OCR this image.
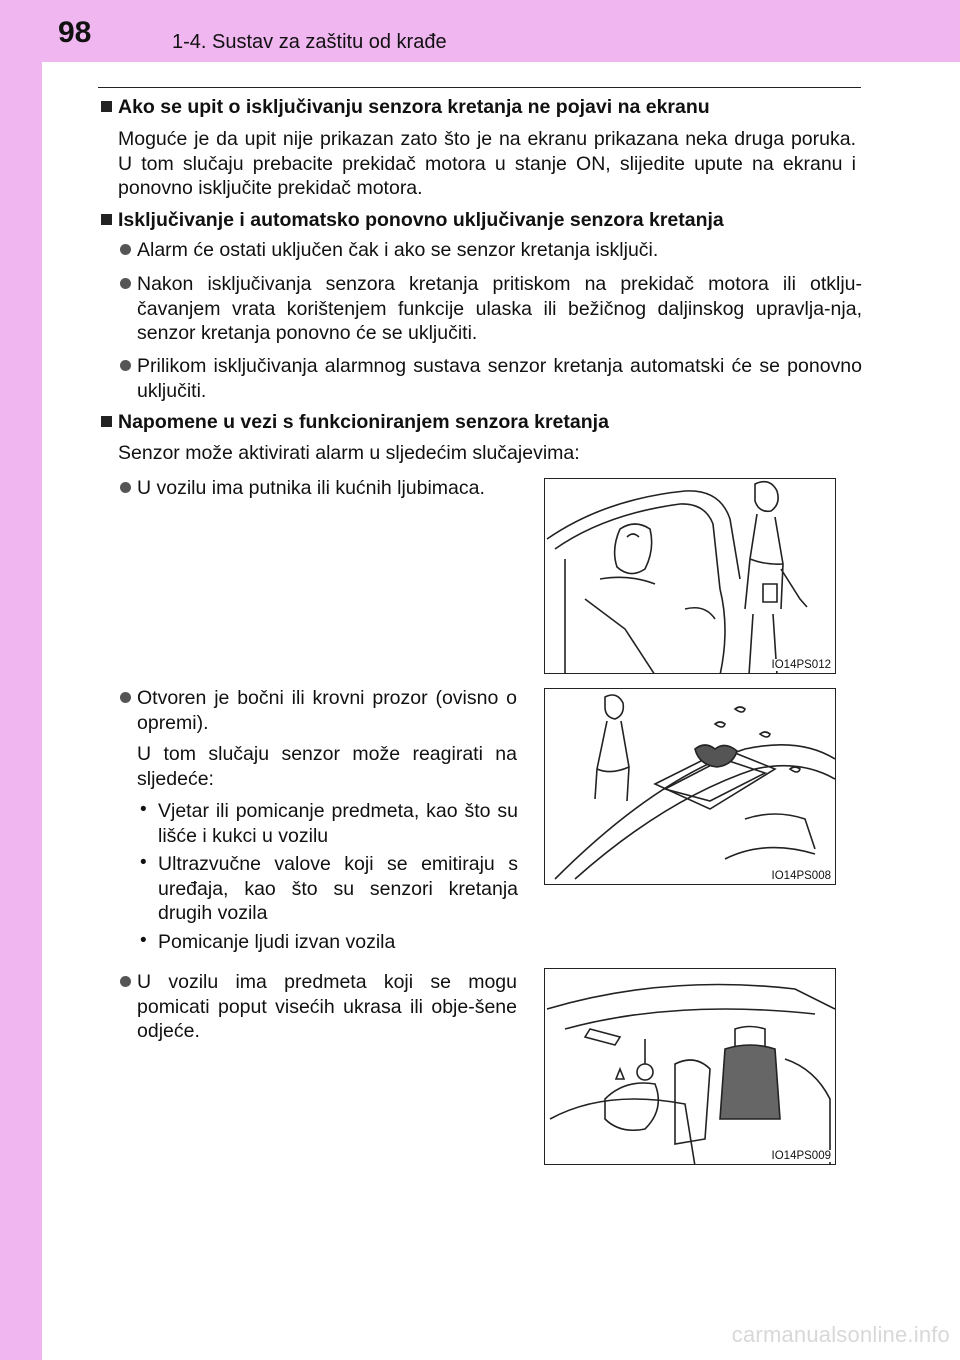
98	1-4. Sustav za zaštitu od krađe
Ako se upit o isključivanju senzora kretanja ne pojavi na ekranu
Moguće je da upit nije prikazan zato što je na ekranu prikazana neka druga poruka. U tom slučaju prebacite prekidač motora u stanje ON, slijedite upute na ekranu i ponovno isključite prekidač motora.
Isključivanje i automatsko ponovno uključivanje senzora kretanja
Alarm će ostati uključen čak i ako se senzor kretanja isključi.
Nakon isključivanja senzora kretanja pritiskom na prekidač motora ili otklju-čavanjem vrata korištenjem funkcije ulaska ili bežičnog daljinskog upravlja-nja, senzor kretanja ponovno će se uključiti.
Prilikom isključivanja alarmnog sustava senzor kretanja automatski će se ponovno uključiti.
Napomene u vezi s funkcioniranjem senzora kretanja
Senzor može aktivirati alarm u sljedećim slučajevima:
U vozilu ima putnika ili kućnih ljubimaca.
Otvoren je bočni ili krovni prozor (ovisno o opremi).
U tom slučaju senzor može reagirati na sljedeće:
• Vjetar ili pomicanje predmeta, kao što su lišće i kukci u vozilu
• Ultrazvučne valove koji se emitiraju s uređaja, kao što su senzori kretanja drugih vozila
• Pomicanje ljudi izvan vozila
U vozilu ima predmeta koji se mogu pomicati poput visećih ukrasa ili obje-šene odjeće.
IO14PS012
IO14PS008
IO14PS009
carmanualsonline.info
